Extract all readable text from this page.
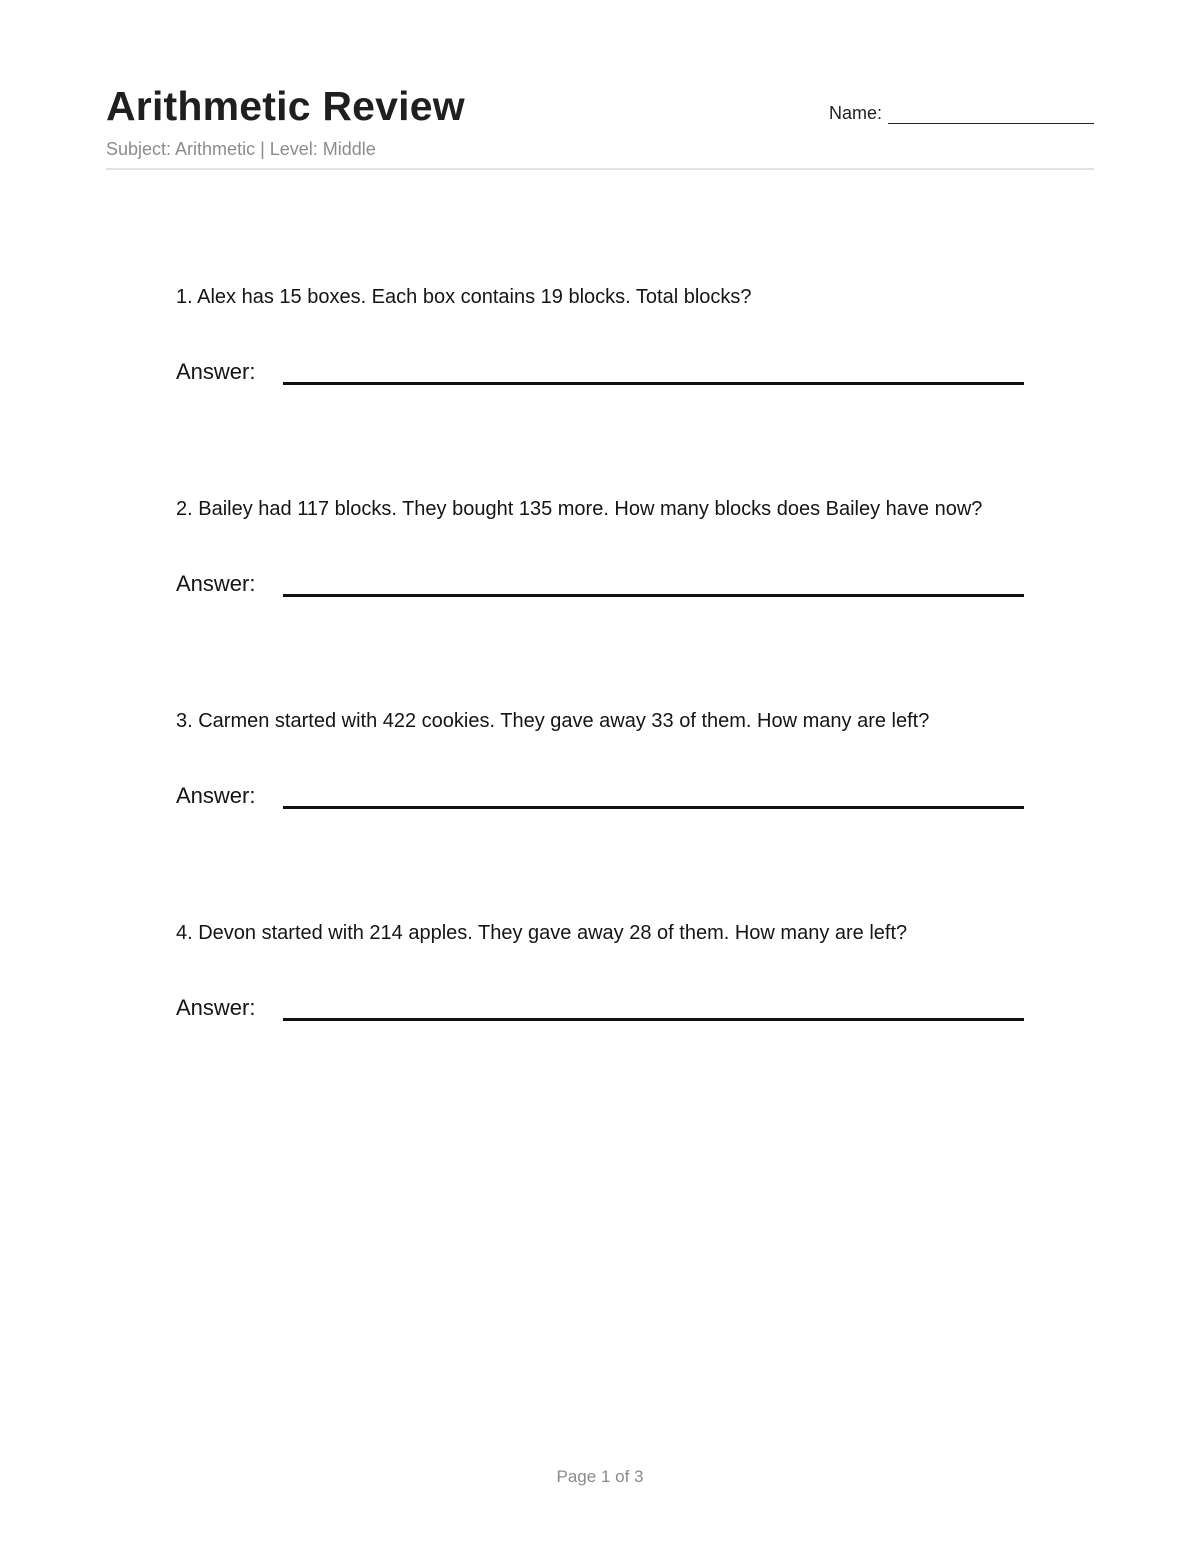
Arithmetic Review
Subject: Arithmetic | Level: Middle
Name:
1. Alex has 15 boxes. Each box contains 19 blocks. Total blocks?
Answer:
2. Bailey had 117 blocks. They bought 135 more. How many blocks does Bailey have now?
Answer:
3. Carmen started with 422 cookies. They gave away 33 of them. How many are left?
Answer:
4. Devon started with 214 apples. They gave away 28 of them. How many are left?
Answer:
Page 1 of 3
